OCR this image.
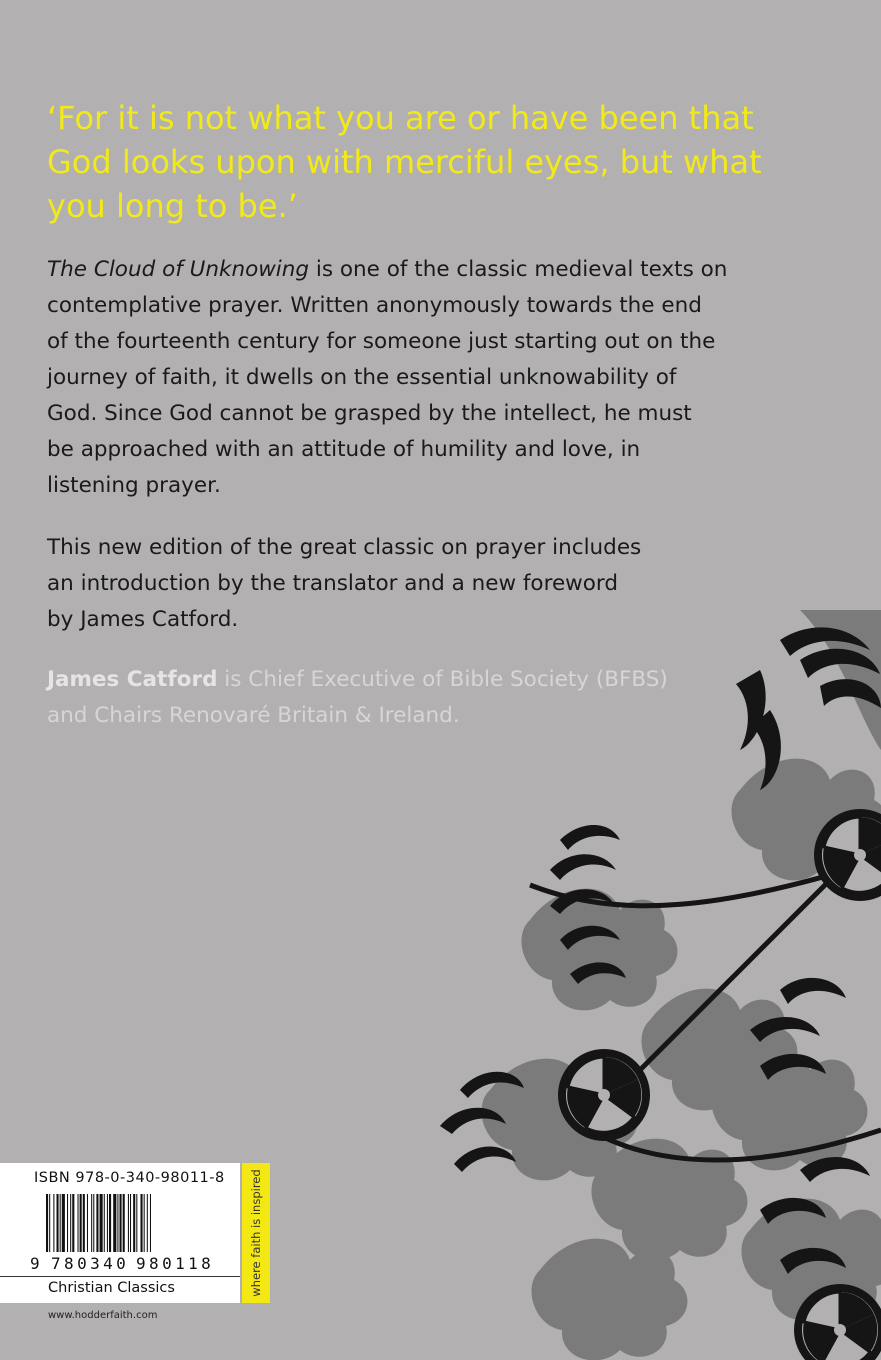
‘For it is not what you are or have been that
God looks upon with merciful eyes, but what
you long to be.’
The Cloud of Unknowing is one of the classic medieval texts on
contemplative prayer. Written anonymously towards the end
of the fourteenth century for someone just starting out on the
journey of faith, it dwells on the essential unknowability of
God. Since God cannot be grasped by the intellect, he must
be approached with an attitude of humility and love, in
listening prayer.
This new edition of the great classic on prayer includes
an introduction by the translator and a new foreword
by James Catford.
James Catford is Chief Executive of Bible Society (BFBS)
and Chairs Renovaré Britain & Ireland.
ISBN 978-0-340-98011-8
9 780340 980118
Christian Classics	where faith is inspired
www.hodderfaith.com
